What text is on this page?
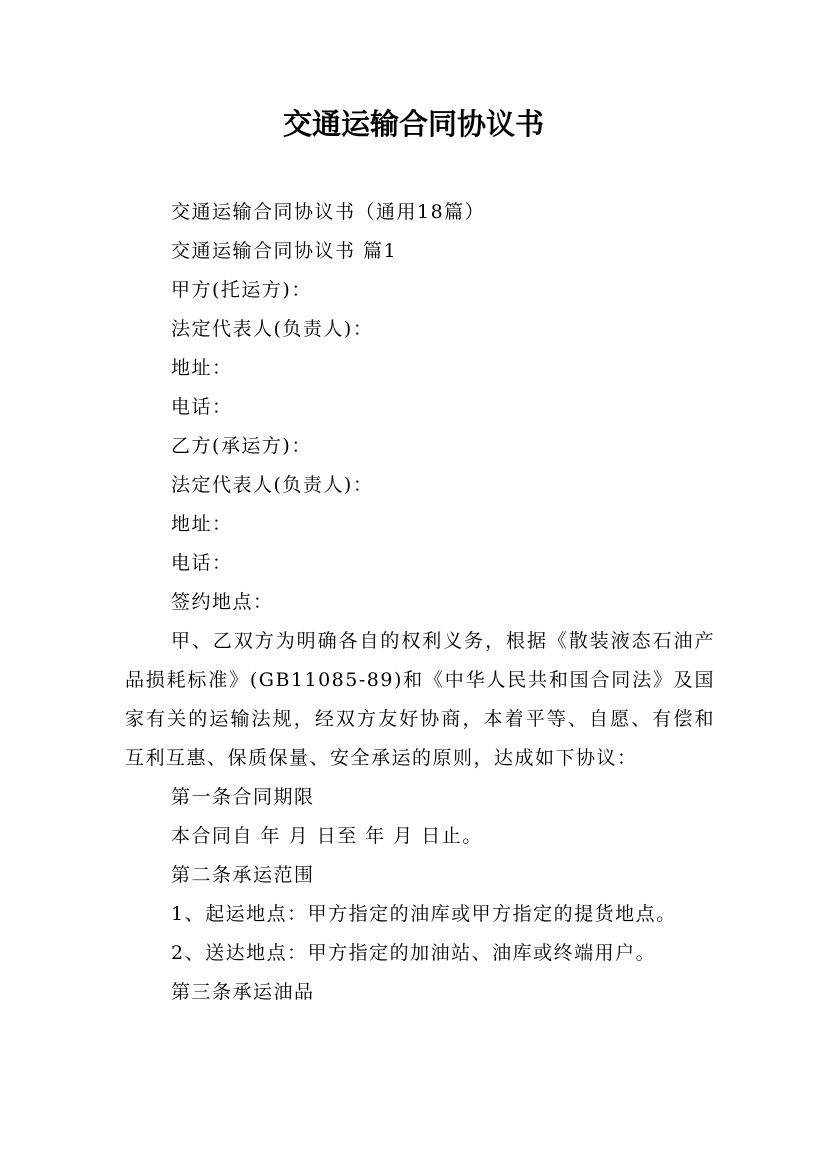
交通运输合同协议书
交通运输合同协议书（通用18篇）
交通运输合同协议书 篇1
甲方(托运方)：
法定代表人(负责人)：
地址：
电话：
乙方(承运方)：
法定代表人(负责人)：
地址：
电话：
签约地点：

甲、乙双方为明确各自的权利义务，根据《散装液态石油产品损耗标准》(GB11085-89)和《中华人民共和国合同法》及国家有关的运输法规，经双方友好协商，本着平等、自愿、有偿和互利互惠、保质保量、安全承运的原则，达成如下协议：

第一条合同期限
本合同自 年 月 日至 年 月 日止。
第二条承运范围
1、起运地点：甲方指定的油库或甲方指定的提货地点。
2、送达地点：甲方指定的加油站、油库或终端用户。
第三条承运油品
